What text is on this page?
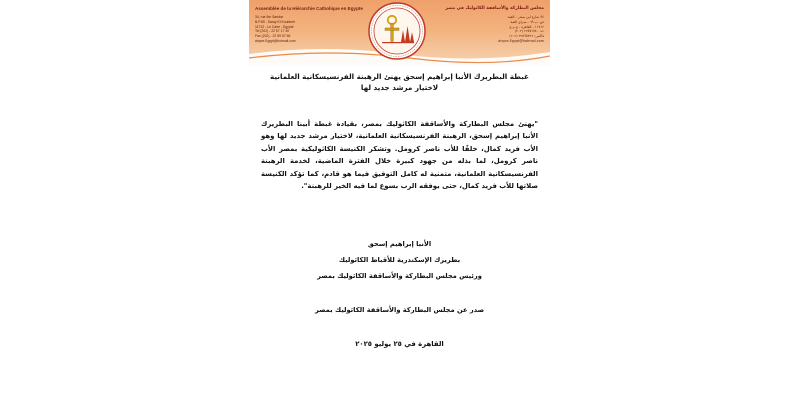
Assemblée de la Hiérarchie Catholique en Egypte
34, rue Ibn Sandar
B.P.69 - Saray El Koubbeh
11712 - Le Caire - Egypte
Tel (202) - 22 57 17 40
Fax (202) - 22 59 57 66
ahpce.Egypt@hotmail.com
مجلس البطاركة والأساقفة الكاثوليك في مصر
٣٤ شارع ابن سندر - القبة
ص. ب ٦٩ - سراي القبة
١١٧١٢ - القاهرة - ج.م.ع
ت: ٢٢٥٧١٧٤٠ (٢٠٢)
فاكس: ٢٢٥٩٥٧٦٦ (٢٠٢)
ahpce.Egypt@hotmail.com
غبطة البطريرك الأنبا إبراهيم إسحق يهنئ الرهبنة الفرنسيسكانية العلمانية
لاختيار مرشد جديد لها
"يهنئ مجلس البطاركة والأساقفة الكاثوليك بمصر، بقيادة غبطة أبينا البطريرك الأنبا إبراهيم إسحق، الرهبنة الفرنسيسكانية العلمانية، لاختيار مرشد جديد لها وهو الأب فريد كمال، خلفًا للأب ناصر كرومل. وتشكر الكنيسة الكاثوليكية بمصر الأب ناصر كرومل، لما بذله من جهود كبيرة خلال الفترة الماضية، لخدمة الرهبنة الفرنسيسكانية العلمانية، متمنية له كامل التوفيق فيما هو قادم، كما تؤكد الكنيسة صلاتها للأب فريد كمال، حتى يوفقه الرب بسوع لما فيه الخير للرهبنة".
الأنبا إبراهيم إسحق
بطريرك الإسكندرية للأقباط الكاثوليك
ورئيس مجلس البطاركة والأساقفة الكاثوليك بمصر
صدر عن مجلس البطاركة والأساقفة الكاثوليك بمصر
القاهرة في ٢٥ يوليو ٢٠٢٥
